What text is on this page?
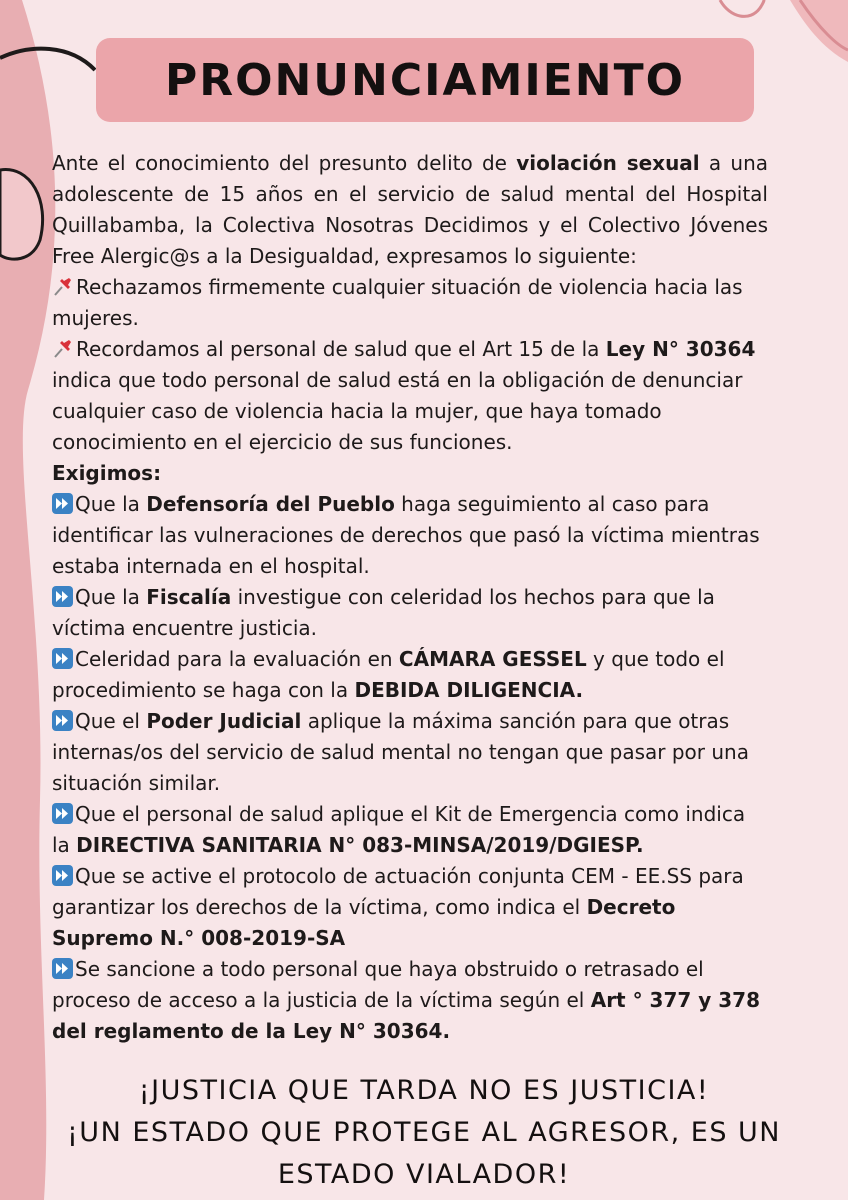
PRONUNCIAMIENTO

Ante el conocimiento del presunto delito de violación sexual a una adolescente de 15 años en el servicio de salud mental del Hospital Quillabamba, la Colectiva Nosotras Decidimos y el Colectivo Jóvenes Free Alergic@s a la Desigualdad, expresamos lo siguiente:

Rechazamos firmemente cualquier situación de violencia hacia las mujeres.

Recordamos al personal de salud que el Art 15 de la Ley N° 30364 indica que todo personal de salud está en la obligación de denunciar cualquier caso de violencia hacia la mujer, que haya tomado conocimiento en el ejercicio de sus funciones.

Exigimos:

Que la Defensoría del Pueblo haga seguimiento al caso para identificar las vulneraciones de derechos que pasó la víctima mientras estaba internada en el hospital.

Que la Fiscalía investigue con celeridad los hechos para que la víctima encuentre justicia.

Celeridad para la evaluación en CÁMARA GESSEL y que todo el procedimiento se haga con la DEBIDA DILIGENCIA.

Que el Poder Judicial aplique la máxima sanción para que otras internas/os del servicio de salud mental no tengan que pasar por una situación similar.

Que el personal de salud aplique el Kit de Emergencia como indica la DIRECTIVA SANITARIA N° 083-MINSA/2019/DGIESP.

Que se active el protocolo de actuación conjunta CEM - EE.SS para garantizar los derechos de la víctima, como indica el Decreto Supremo N.° 008-2019-SA

Se sancione a todo personal que haya obstruido o retrasado el proceso de acceso a la justicia de la víctima según el Art ° 377 y 378 del reglamento de la Ley N° 30364.

¡JUSTICIA QUE TARDA NO ES JUSTICIA!
¡UN ESTADO QUE PROTEGE AL AGRESOR, ES UN
ESTADO VIALADOR!
